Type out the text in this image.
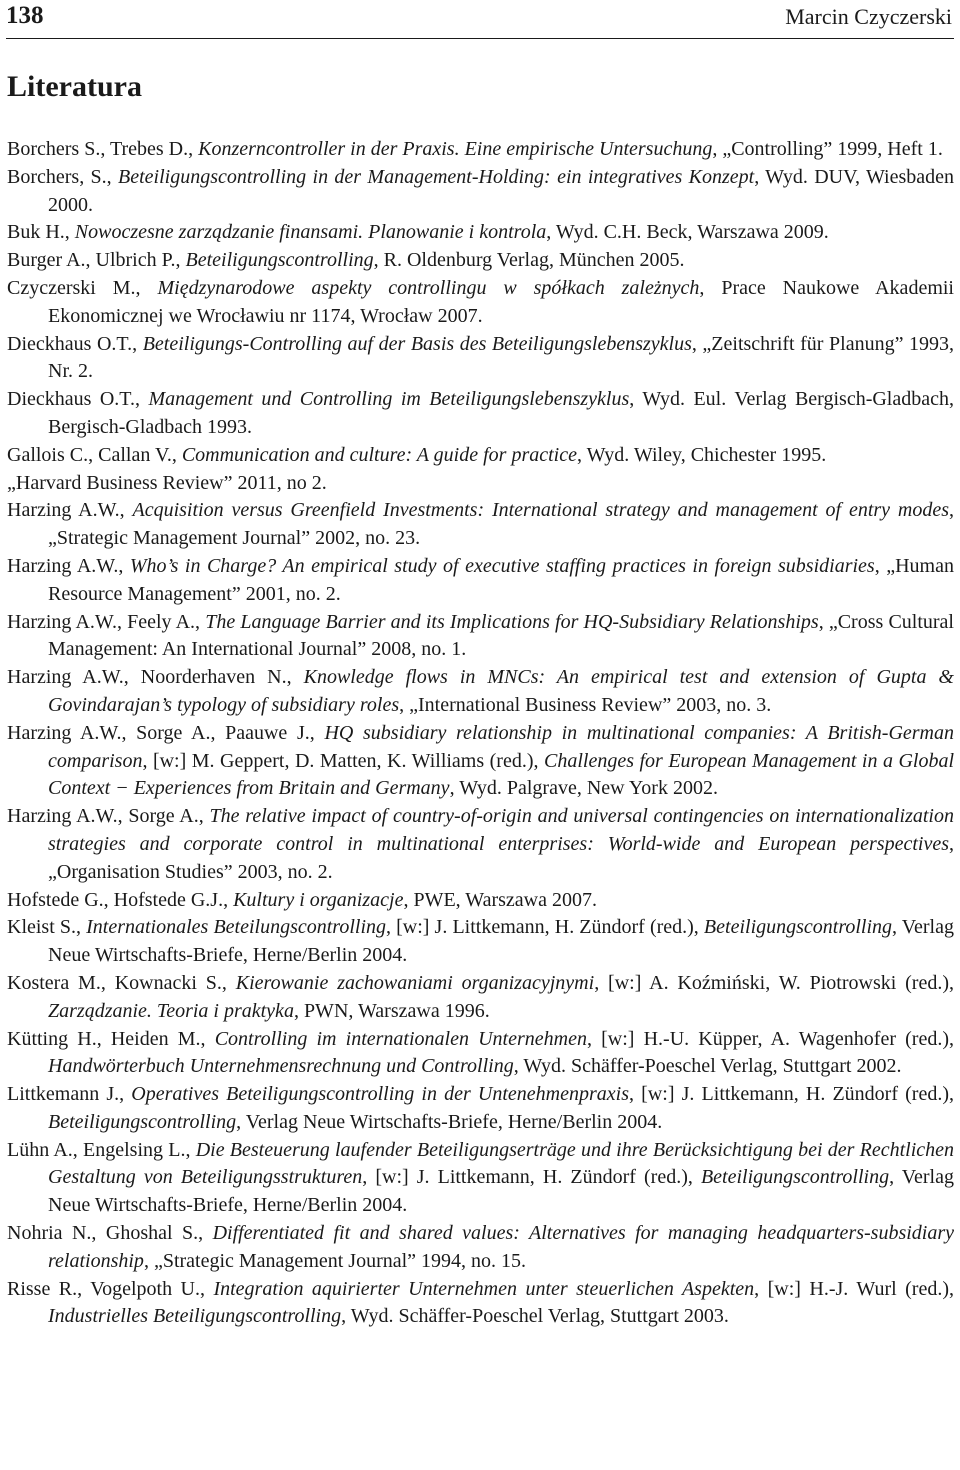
138	Marcin Czyczerski
Literatura
Borchers S., Trebes D., Konzerncontroller in der Praxis. Eine empirische Untersuchung, „Controlling” 1999, Heft 1.
Borchers, S., Beteiligungscontrolling in der Management-Holding: ein integratives Konzept, Wyd. DUV, Wiesbaden 2000.
Buk H., Nowoczesne zarządzanie finansami. Planowanie i kontrola, Wyd. C.H. Beck, Warszawa 2009.
Burger A., Ulbrich P., Beteiligungscontrolling, R. Oldenburg Verlag, München 2005.
Czyczerski M., Międzynarodowe aspekty controllingu w spółkach zależnych, Prace Naukowe Akademii Ekonomicznej we Wrocławiu nr 1174, Wrocław 2007.
Dieckhaus O.T., Beteiligungs-Controlling auf der Basis des Beteiligungslebenszyklus, „Zeitschrift für Planung” 1993, Nr. 2.
Dieckhaus O.T., Management und Controlling im Beteiligungslebenszyklus, Wyd. Eul. Verlag Bergisch-Gladbach, Bergisch-Gladbach 1993.
Gallois C., Callan V., Communication and culture: A guide for practice, Wyd. Wiley, Chichester 1995.
„Harvard Business Review” 2011, no 2.
Harzing A.W., Acquisition versus Greenfield Investments: International strategy and management of entry modes, „Strategic Management Journal” 2002, no. 23.
Harzing A.W., Who’s in Charge? An empirical study of executive staffing practices in foreign subsidiaries, „Human Resource Management” 2001, no. 2.
Harzing A.W., Feely A., The Language Barrier and its Implications for HQ-Subsidiary Relationships, „Cross Cultural Management: An International Journal” 2008, no. 1.
Harzing A.W., Noorderhaven N., Knowledge flows in MNCs: An empirical test and extension of Gupta & Govindarajan’s typology of subsidiary roles, „International Business Review” 2003, no. 3.
Harzing A.W., Sorge A., Paauwe J., HQ subsidiary relationship in multinational companies: A British-German comparison, [w:] M. Geppert, D. Matten, K. Williams (red.), Challenges for European Management in a Global Context − Experiences from Britain and Germany, Wyd. Palgrave, New York 2002.
Harzing A.W., Sorge A., The relative impact of country-of-origin and universal contingencies on internationalization strategies and corporate control in multinational enterprises: World-wide and European perspectives, „Organisation Studies” 2003, no. 2.
Hofstede G., Hofstede G.J., Kultury i organizacje, PWE, Warszawa 2007.
Kleist S., Internationales Beteilungscontrolling, [w:] J. Littkemann, H. Zündorf (red.), Beteiligungscontrolling, Verlag Neue Wirtschafts-Briefe, Herne/Berlin 2004.
Kostera M., Kownacki S., Kierowanie zachowaniami organizacyjnymi, [w:] A. Koźmiński, W. Piotrowski (red.), Zarządzanie. Teoria i praktyka, PWN, Warszawa 1996.
Kütting H., Heiden M., Controlling im internationalen Unternehmen, [w:] H.-U. Küpper, A. Wagenhofer (red.), Handwörterbuch Unternehmensrechnung und Controlling, Wyd. Schäffer-Poeschel Verlag, Stuttgart 2002.
Littkemann J., Operatives Beteiligungscontrolling in der Untenehmenpraxis, [w:] J. Littkemann, H. Zündorf (red.), Beteiligungscontrolling, Verlag Neue Wirtschafts-Briefe, Herne/Berlin 2004.
Lühn A., Engelsing L., Die Besteuerung laufender Beteiligungserträge und ihre Berücksichtigung bei der Rechtlichen Gestaltung von Beteiligungsstrukturen, [w:] J. Littkemann, H. Zündorf (red.), Beteiligungscontrolling, Verlag Neue Wirtschafts-Briefe, Herne/Berlin 2004.
Nohria N., Ghoshal S., Differentiated fit and shared values: Alternatives for managing headquarters-subsidiary relationship, „Strategic Management Journal” 1994, no. 15.
Risse R., Vogelpoth U., Integration aquirierter Unternehmen unter steuerlichen Aspekten, [w:] H.-J. Wurl (red.), Industrielles Beteiligungscontrolling, Wyd. Schäffer-Poeschel Verlag, Stuttgart 2003.
